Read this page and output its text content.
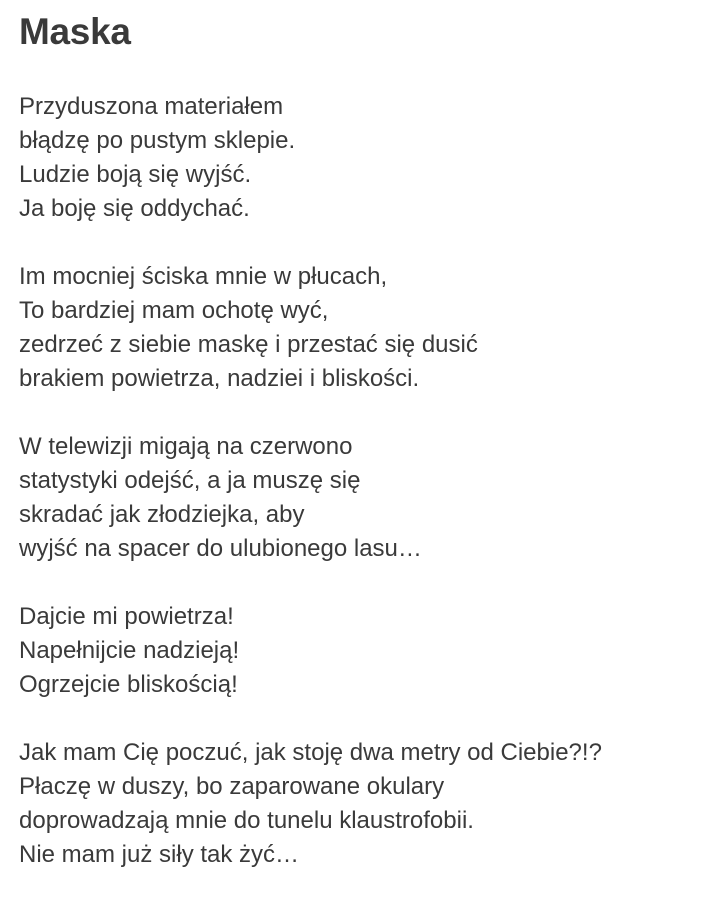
Maska
Przyduszona materiałem
błądzę po pustym sklepie.
Ludzie boją się wyjść.
Ja boję się oddychać.
Im mocniej ściska mnie w płucach,
To bardziej mam ochotę wyć,
zedrzeć z siebie maskę i przestać się dusić
brakiem powietrza, nadziei i bliskości.
W telewizji migają na czerwono
statystyki odejść, a ja muszę się
skradać jak złodziejka, aby
wyjść na spacer do ulubionego lasu…
Dajcie mi powietrza!
Napełnijcie nadzieją!
Ogrzejcie bliskością!
Jak mam Cię poczuć, jak stoję dwa metry od Ciebie?!?
Płaczę w duszy, bo zaparowane okulary
doprowadzają mnie do tunelu klaustrofobii.
Nie mam już siły tak żyć…
